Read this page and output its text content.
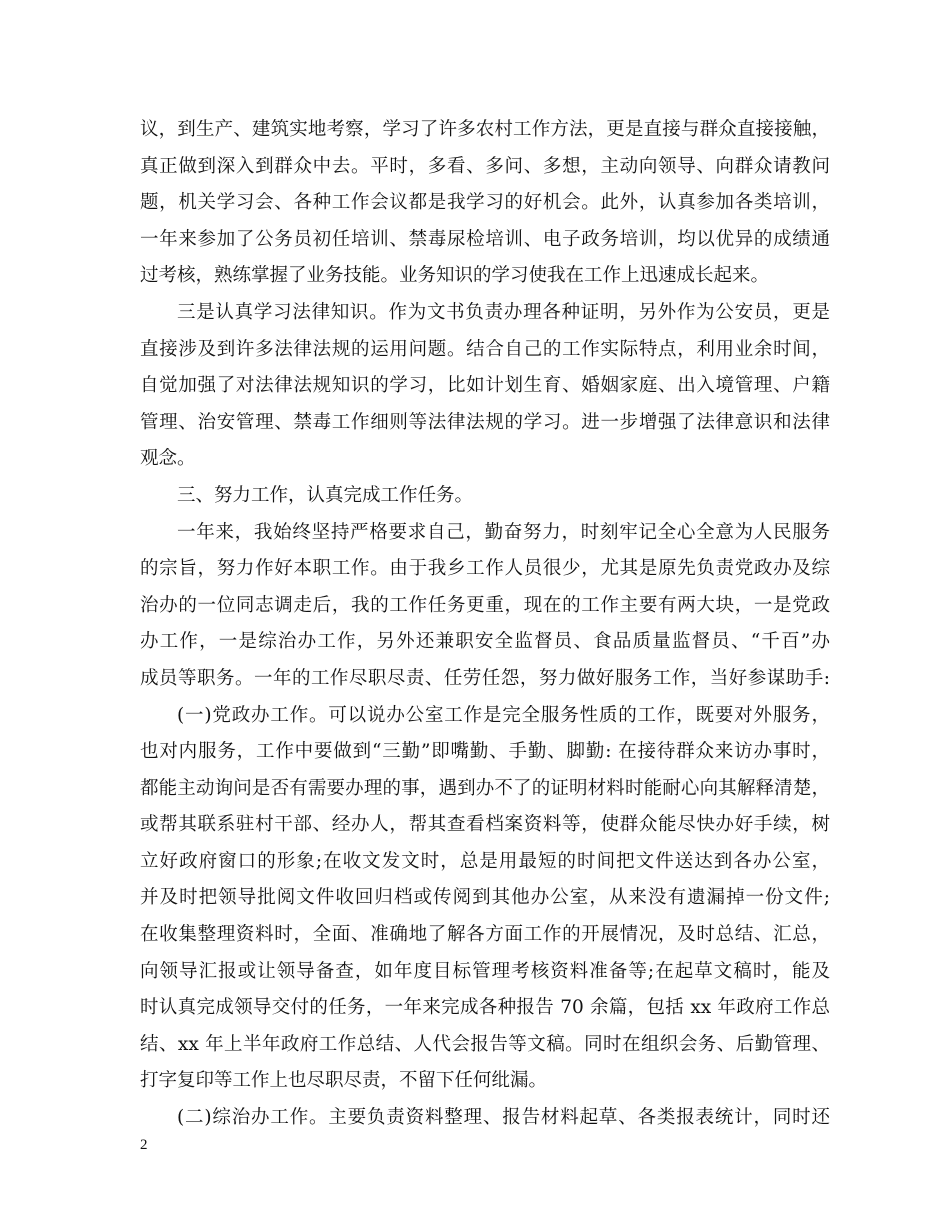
议，到生产、建筑实地考察，学习了许多农村工作方法，更是直接与群众直接接触，
真正做到深入到群众中去。平时，多看、多问、多想，主动向领导、向群众请教问
题，机关学习会、各种工作会议都是我学习的好机会。此外，认真参加各类培训，
一年来参加了公务员初任培训、禁毒尿检培训、电子政务培训，均以优异的成绩通
过考核，熟练掌握了业务技能。业务知识的学习使我在工作上迅速成长起来。
三是认真学习法律知识。作为文书负责办理各种证明，另外作为公安员，更是
直接涉及到许多法律法规的运用问题。结合自己的工作实际特点，利用业余时间，
自觉加强了对法律法规知识的学习，比如计划生育、婚姻家庭、出入境管理、户籍
管理、治安管理、禁毒工作细则等法律法规的学习。进一步增强了法律意识和法律
观念。
三、努力工作，认真完成工作任务。
一年来，我始终坚持严格要求自己，勤奋努力，时刻牢记全心全意为人民服务
的宗旨，努力作好本职工作。由于我乡工作人员很少，尤其是原先负责党政办及综
治办的一位同志调走后，我的工作任务更重，现在的工作主要有两大块，一是党政
办工作，一是综治办工作，另外还兼职安全监督员、食品质量监督员、“千百”办
成员等职务。一年的工作尽职尽责、任劳任怨，努力做好服务工作，当好参谋助手:
(一)党政办工作。可以说办公室工作是完全服务性质的工作，既要对外服务，
也对内服务，工作中要做到“三勤”即嘴勤、手勤、脚勤: 在接待群众来访办事时，
都能主动询问是否有需要办理的事，遇到办不了的证明材料时能耐心向其解释清楚，
或帮其联系驻村干部、经办人，帮其查看档案资料等，使群众能尽快办好手续，树
立好政府窗口的形象;在收文发文时，总是用最短的时间把文件送达到各办公室，
并及时把领导批阅文件收回归档或传阅到其他办公室，从来没有遗漏掉一份文件;
在收集整理资料时，全面、准确地了解各方面工作的开展情况，及时总结、汇总，
向领导汇报或让领导备查，如年度目标管理考核资料准备等;在起草文稿时，能及
时认真完成领导交付的任务，一年来完成各种报告 70 余篇，包括 xx 年政府工作总
结、xx 年上半年政府工作总结、人代会报告等文稿。同时在组织会务、后勤管理、
打字复印等工作上也尽职尽责，不留下任何纰漏。
(二)综治办工作。主要负责资料整理、报告材料起草、各类报表统计，同时还
2
